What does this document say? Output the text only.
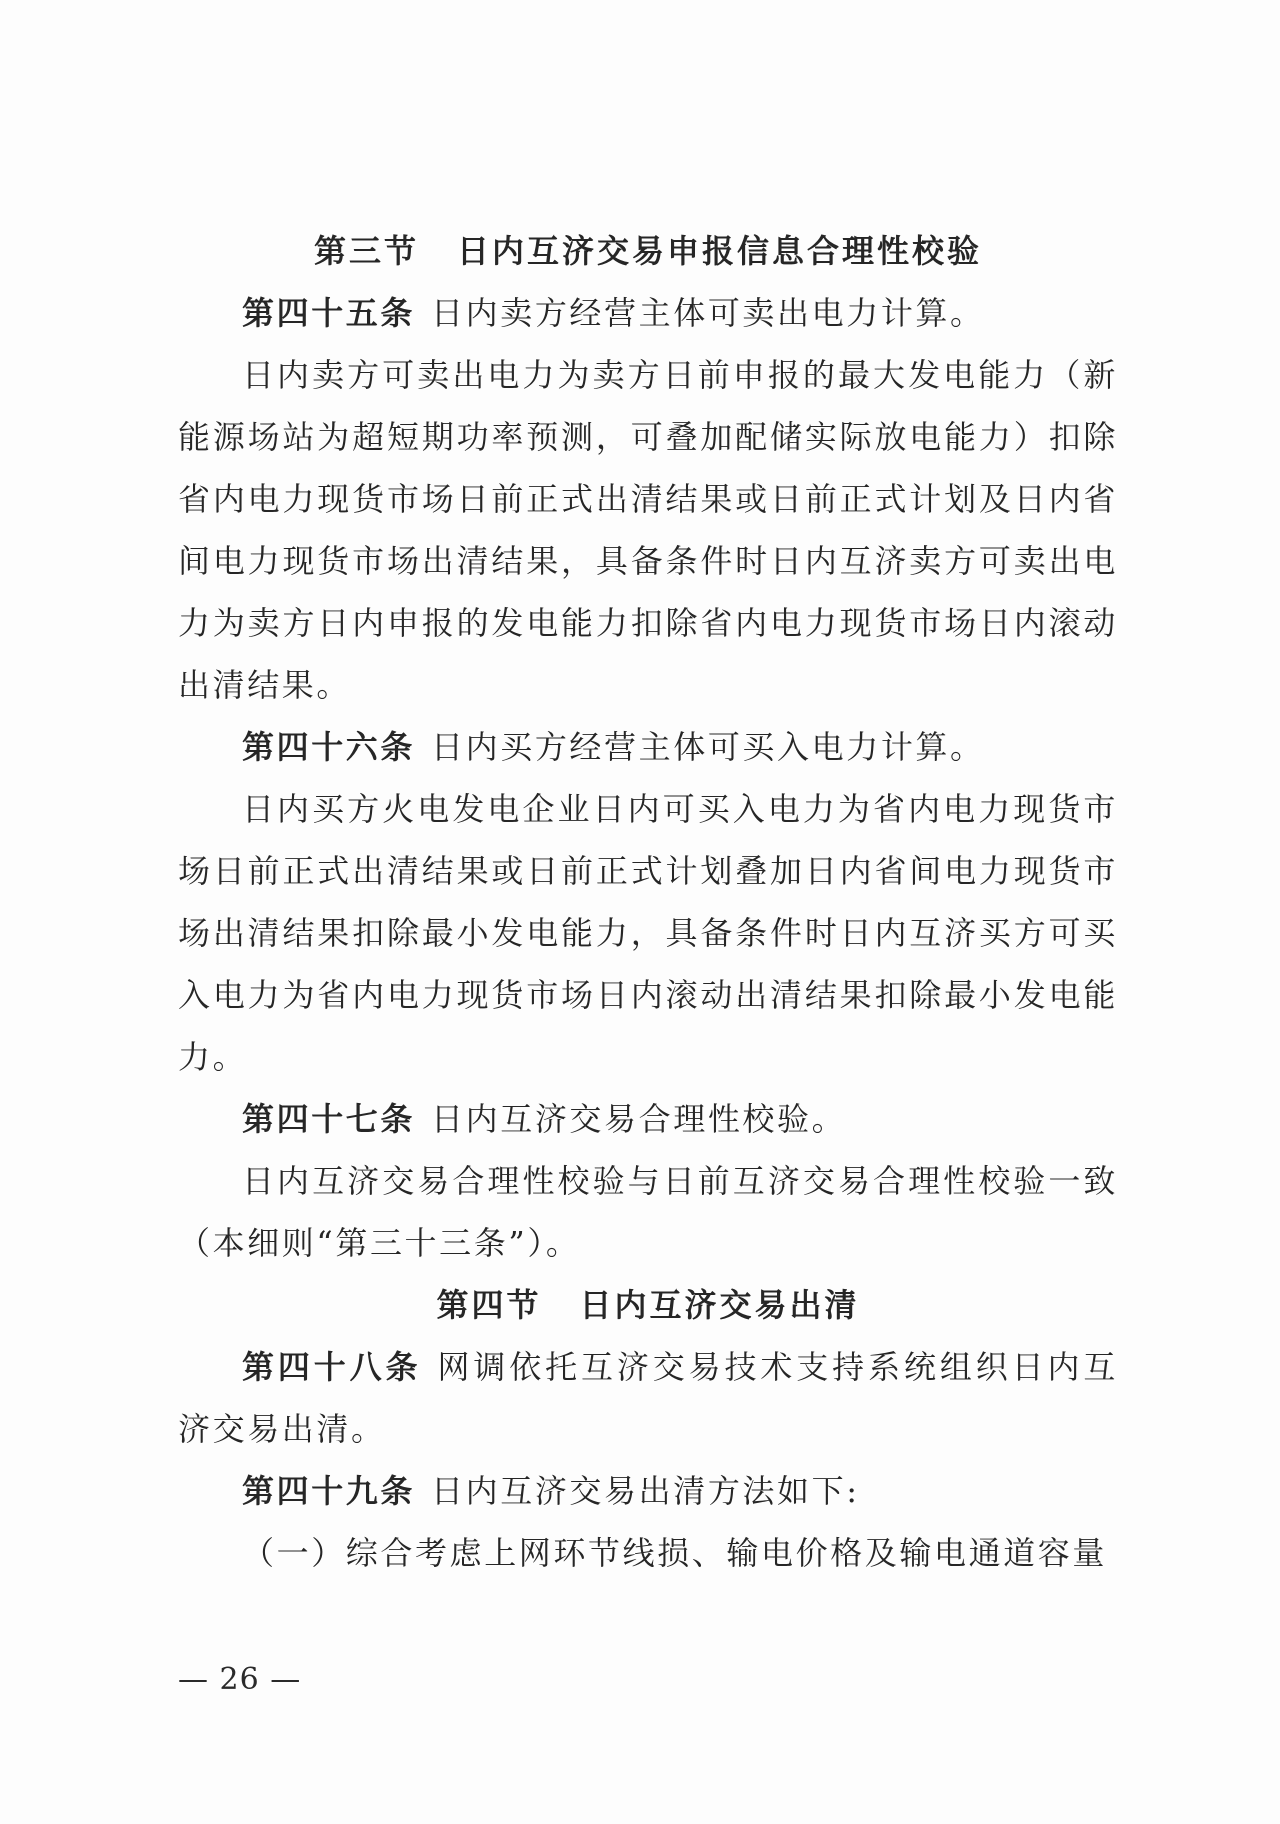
第三节 日内互济交易申报信息合理性校验

第四十五条 日内卖方经营主体可卖出电力计算。

日内卖方可卖出电力为卖方日前申报的最大发电能力（新能源场站为超短期功率预测，可叠加配储实际放电能力）扣除省内电力现货市场日前正式出清结果或日前正式计划及日内省间电力现货市场出清结果，具备条件时日内互济卖方可卖出电力为卖方日内申报的发电能力扣除省内电力现货市场日内滚动出清结果。

第四十六条 日内买方经营主体可买入电力计算。

日内买方火电发电企业日内可买入电力为省内电力现货市场日前正式出清结果或日前正式计划叠加日内省间电力现货市场出清结果扣除最小发电能力，具备条件时日内互济买方可买入电力为省内电力现货市场日内滚动出清结果扣除最小发电能力。

第四十七条 日内互济交易合理性校验。

日内互济交易合理性校验与日前互济交易合理性校验一致（本细则“第三十三条”）。

第四节 日内互济交易出清

第四十八条 网调依托互济交易技术支持系统组织日内互济交易出清。

第四十九条 日内互济交易出清方法如下:

（一）综合考虑上网环节线损、输电价格及输电通道容量

— 26 —
